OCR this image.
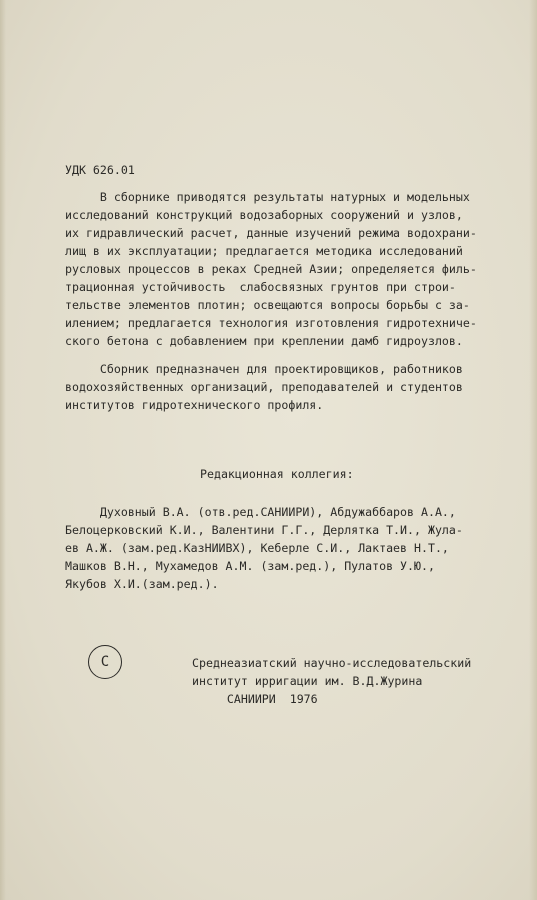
УДК 626.01
В сборнике приводятся результаты натурных и модельных
исследований конструкций водозаборных сооружений и узлов,
их гидравлический расчет, данные изучений режима водохрани-
лищ в их эксплуатации; предлагается методика исследований
русловых процессов в реках Средней Азии; определяется филь-
трационная устойчивость  слабосвязных грунтов при строи-
тельстве элементов плотин; освещаются вопросы борьбы с за-
илением; предлагается технология изготовления гидротехниче-
ского бетона с добавлением при креплении дамб гидроузлов.
Сборник предназначен для проектировщиков, работников
водохозяйственных организаций, преподавателей и студентов
институтов гидротехнического профиля.
Редакционная коллегия:
Духовный В.А. (отв.ред.САНИИРИ), Абдужаббаров А.А.,
Белоцерковский К.И., Валентини Г.Г., Дерлятка Т.И., Жула-
ев А.Ж. (зам.ред.КазНИИВХ), Кеберле С.И., Лактаев Н.Т.,
Машков В.Н., Мухамедов А.М. (зам.ред.), Пулатов У.Ю.,
Якубов Х.И.(зам.ред.).
С	Среднеазиатский научно-исследовательский
институт ирригации им. В.Д.Журина
САНИИРИ  1976
